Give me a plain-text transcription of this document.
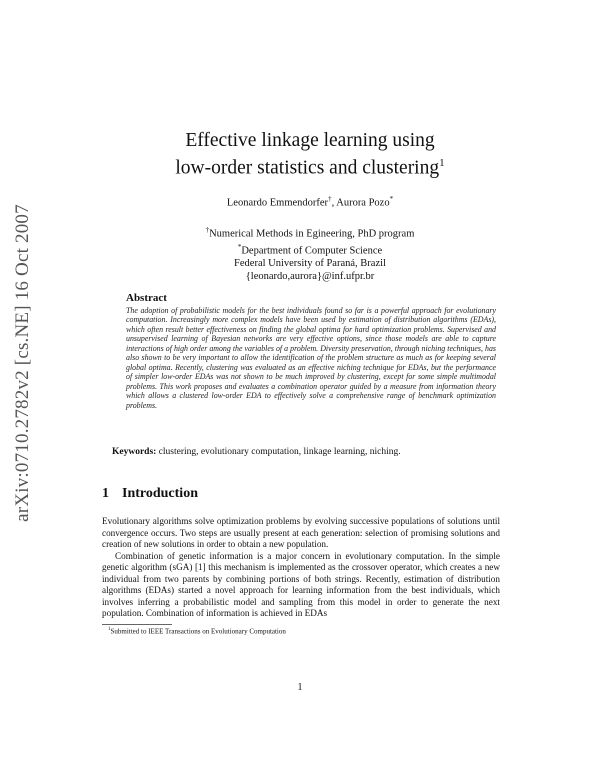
arXiv:0710.2782v2 [cs.NE] 16 Oct 2007
Effective linkage learning using
low-order statistics and clustering$^1$
Leonardo Emmendorfer†, Aurora Pozo*
†Numerical Methods in Egineering, PhD program
*Department of Computer Science
Federal University of Paraná, Brazil
{leonardo,aurora}@inf.ufpr.br
Abstract
The adoption of probabilistic models for the best individuals found so far is a powerful approach for evolutionary computation. Increasingly more complex models have been used by estimation of distribution algorithms (EDAs), which often result better effectiveness on finding the global optima for hard optimization problems. Supervised and unsupervised learning of Bayesian networks are very effective options, since those models are able to capture interactions of high order among the variables of a problem. Diversity preservation, through niching techniques, has also shown to be very important to allow the identification of the problem structure as much as for keeping several global optima. Recently, clustering was evaluated as an effective niching technique for EDAs, but the performance of simpler low-order EDAs was not shown to be much improved by clustering, except for some simple multimodal problems. This work proposes and evaluates a combination operator guided by a measure from information theory which allows a clustered low-order EDA to effectively solve a comprehensive range of benchmark optimization problems.
Keywords: clustering, evolutionary computation, linkage learning, niching.
1 Introduction

Evolutionary algorithms solve optimization problems by evolving successive populations of solutions until convergence occurs. Two steps are usually present at each generation: selection of promising solutions and creation of new solutions in order to obtain a new population.

Combination of genetic information is a major concern in evolutionary computation. In the simple genetic algorithm (sGA) [1] this mechanism is implemented as the crossover operator, which creates a new individual from two parents by combining portions of both strings. Recently, estimation of distribution algorithms (EDAs) started a novel approach for learning information from the best individuals, which involves inferring a probabilistic model and sampling from this model in order to generate the next population. Combination of information is achieved in EDAs

$^1$Submitted to IEEE Transactions on Evolutionary Computation
1
